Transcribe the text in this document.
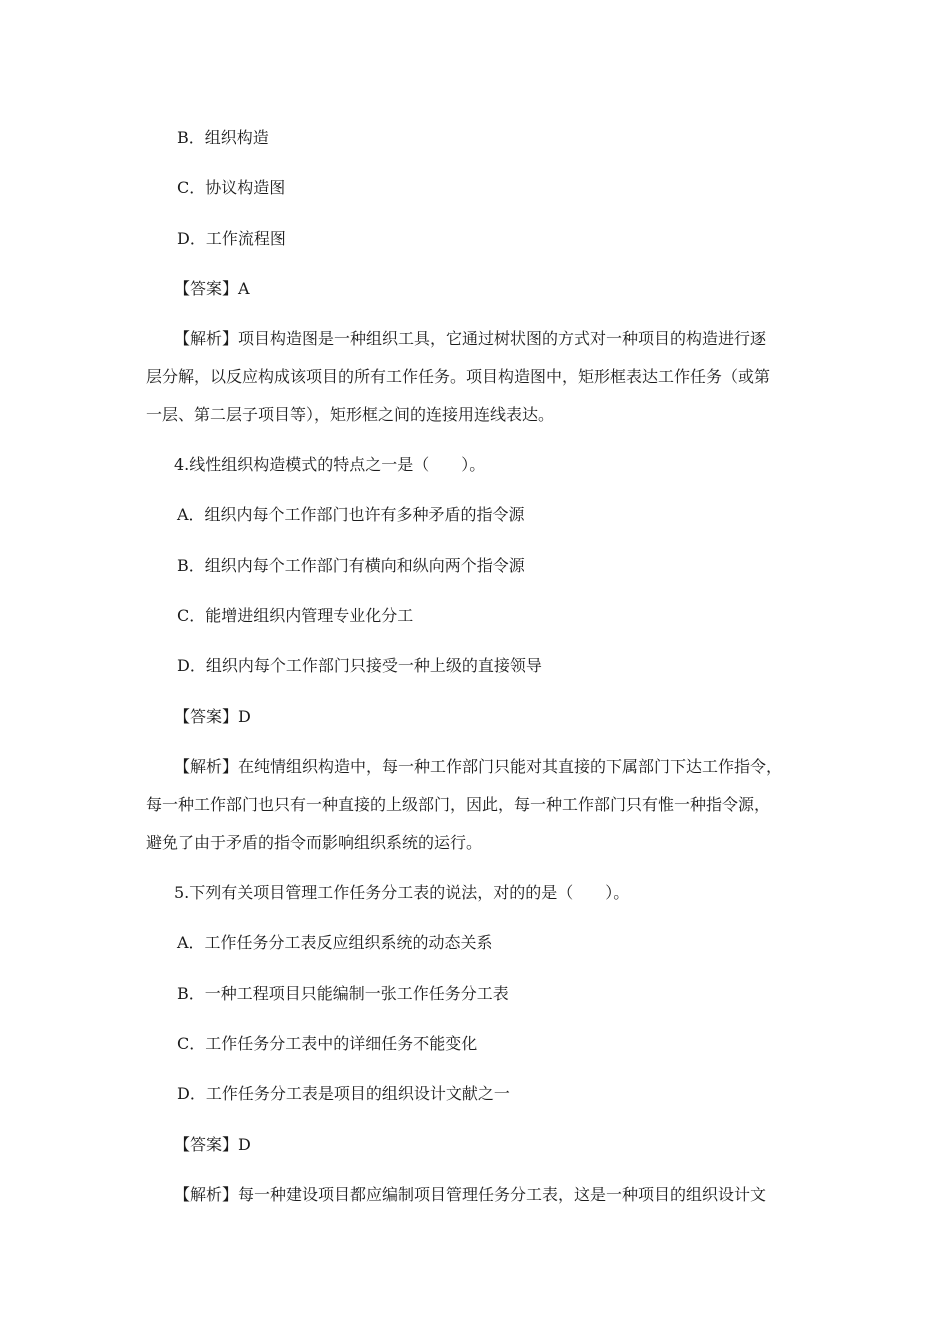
B．组织构造
C．协议构造图
D．工作流程图
【答案】A
【解析】项目构造图是一种组织工具，它通过树状图的方式对一种项目的构造进行逐
层分解，以反应构成该项目的所有工作任务。项目构造图中，矩形框表达工作任务（或第
一层、第二层子项目等），矩形框之间的连接用连线表达。
4.线性组织构造模式的特点之一是（　　）。
A．组织内每个工作部门也许有多种矛盾的指令源
B．组织内每个工作部门有横向和纵向两个指令源
C．能增进组织内管理专业化分工
D．组织内每个工作部门只接受一种上级的直接领导
【答案】D
【解析】在纯情组织构造中，每一种工作部门只能对其直接的下属部门下达工作指令，
每一种工作部门也只有一种直接的上级部门，因此，每一种工作部门只有惟一种指令源，
避免了由于矛盾的指令而影响组织系统的运行。
5.下列有关项目管理工作任务分工表的说法，对的的是（　　）。
A．工作任务分工表反应组织系统的动态关系
B．一种工程项目只能编制一张工作任务分工表
C．工作任务分工表中的详细任务不能变化
D．工作任务分工表是项目的组织设计文献之一
【答案】D
【解析】每一种建设项目都应编制项目管理任务分工表，这是一种项目的组织设计文
